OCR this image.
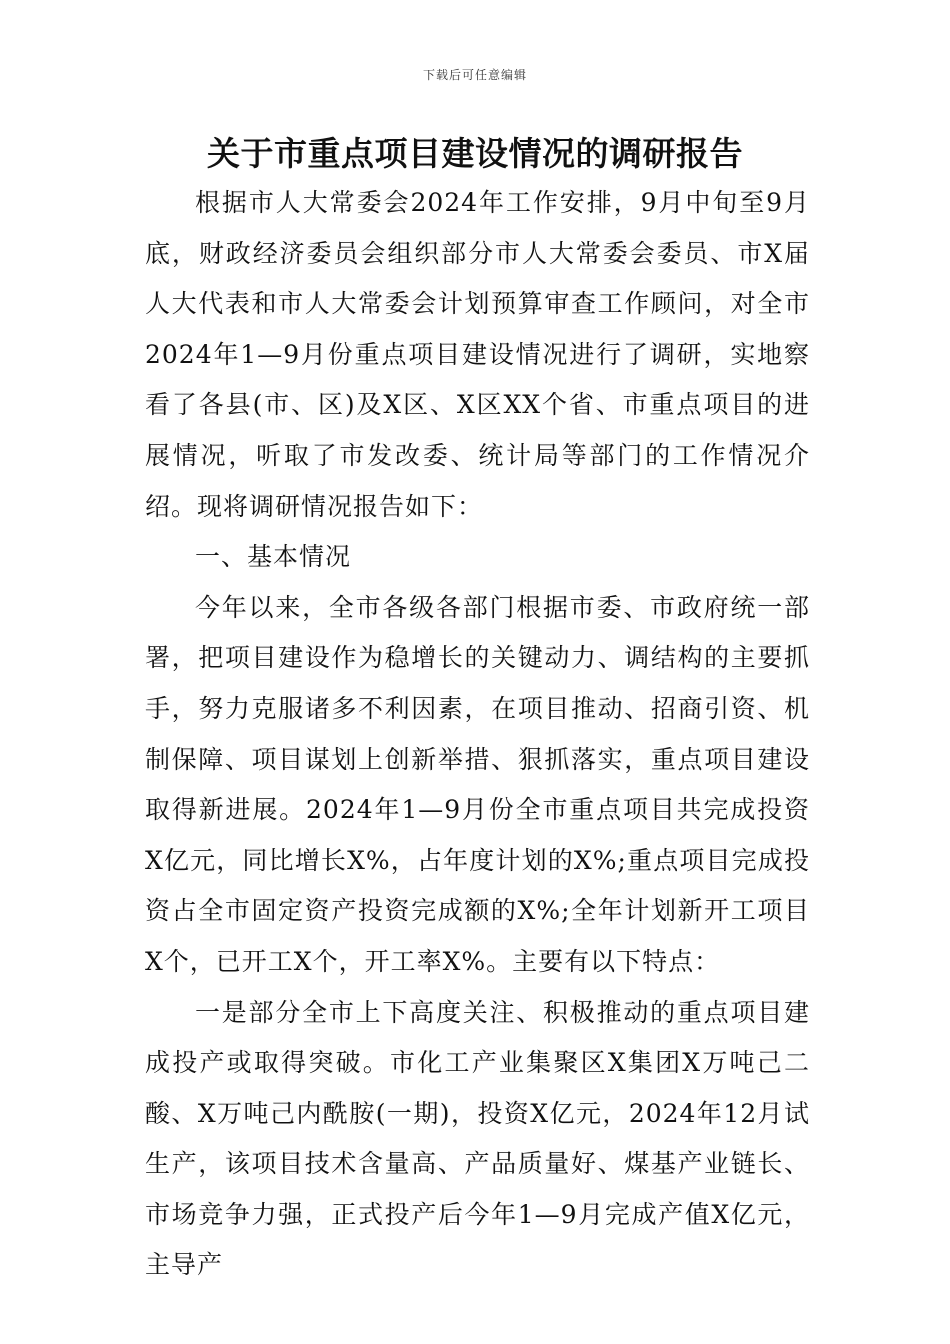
下载后可任意编辑
关于市重点项目建设情况的调研报告

根据市人大常委会2024年工作安排，9月中旬至9月底，财政经济委员会组织部分市人大常委会委员、市X届人大代表和市人大常委会计划预算审查工作顾问，对全市2024年1—9月份重点项目建设情况进行了调研，实地察看了各县(市、区)及X区、X区XX个省、市重点项目的进展情况，听取了市发改委、统计局等部门的工作情况介绍。现将调研情况报告如下：

一、基本情况

今年以来，全市各级各部门根据市委、市政府统一部署，把项目建设作为稳增长的关键动力、调结构的主要抓手，努力克服诸多不利因素，在项目推动、招商引资、机制保障、项目谋划上创新举措、狠抓落实，重点项目建设取得新进展。2024年1—9月份全市重点项目共完成投资X亿元，同比增长X%，占年度计划的X%;重点项目完成投资占全市固定资产投资完成额的X%;全年计划新开工项目X个，已开工X个，开工率X%。主要有以下特点：

一是部分全市上下高度关注、积极推动的重点项目建成投产或取得突破。市化工产业集聚区X集团X万吨己二酸、X万吨己内酰胺(一期)，投资X亿元，2024年12月试生产，该项目技术含量高、产品质量好、煤基产业链长、市场竞争力强，正式投产后今年1—9月完成产值X亿元，主导产
